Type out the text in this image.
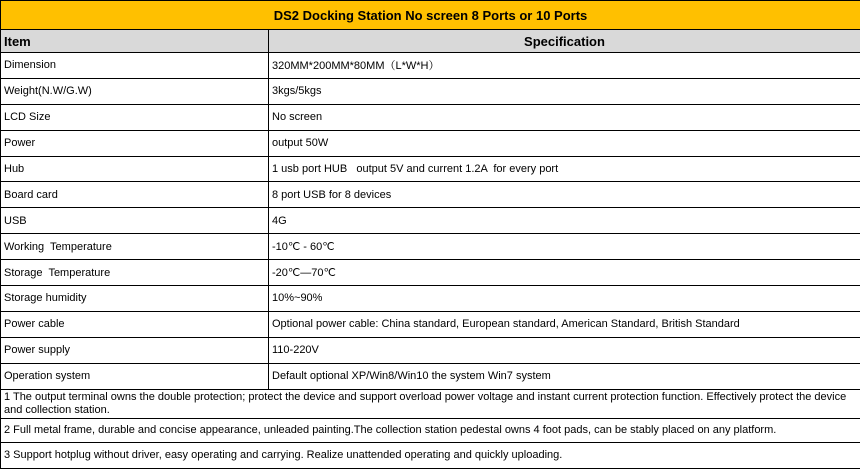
DS2 Docking Station No screen 8 Ports or 10 Ports	
Item	Specification
Dimension	320MM*200MM*80MM（L*W*H）
Weight(N.W/G.W)	3kgs/5kgs
LCD Size	No screen
Power	output 50W
Hub	1 usb port HUB   output 5V and current 1.2A  for every port
Board card	8 port USB for 8 devices
USB	4G
Working  Temperature	-10℃ - 60℃
Storage  Temperature	-20℃—70℃
Storage humidity	10%~90%
Power cable	Optional power cable: China standard, European standard, American Standard, British Standard
Power supply	110-220V
Operation system	Default optional XP/Win8/Win10 the system Win7 system
1 The output terminal owns the double protection; protect the device and support overload power voltage and instant current protection function. Effectively protect the device and collection station.	
2 Full metal frame, durable and concise appearance, unleaded painting.The collection station pedestal owns 4 foot pads, can be stably placed on any platform.	
3 Support hotplug without driver, easy operating and carrying. Realize unattended operating and quickly uploading.	
